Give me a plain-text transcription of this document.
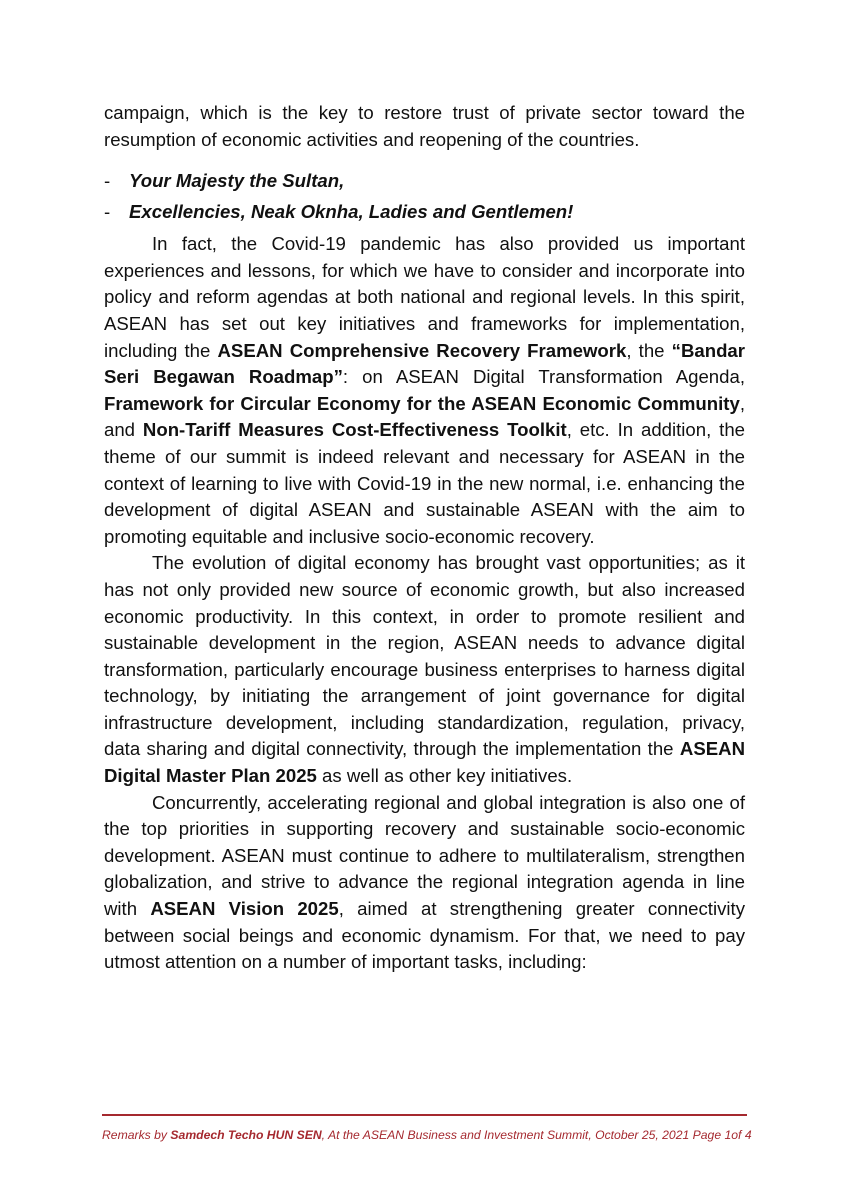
campaign, which is the key to restore trust of private sector toward the resumption of economic activities and reopening of the countries.

-	Your Majesty the Sultan,
-	Excellencies, Neak Oknha, Ladies and Gentlemen!

In fact, the Covid-19 pandemic has also provided us important experiences and lessons, for which we have to consider and incorporate into policy and reform agendas at both national and regional levels. In this spirit, ASEAN has set out key initiatives and frameworks for implementation, including the ASEAN Comprehensive Recovery Framework, the “Bandar Seri Begawan Roadmap”: on ASEAN Digital Transformation Agenda, Framework for Circular Economy for the ASEAN Economic Community, and Non-Tariff Measures Cost-Effectiveness Toolkit, etc. In addition, the theme of our summit is indeed relevant and necessary for ASEAN in the context of learning to live with Covid-19 in the new normal, i.e. enhancing the development of digital ASEAN and sustainable ASEAN with the aim to promoting equitable and inclusive socio-economic recovery.

The evolution of digital economy has brought vast opportunities; as it has not only provided new source of economic growth, but also increased economic productivity. In this context, in order to promote resilient and sustainable development in the region, ASEAN needs to advance digital transformation, particularly encourage business enterprises to harness digital technology, by initiating the arrangement of joint governance for digital infrastructure development, including standardization, regulation, privacy, data sharing and digital connectivity, through the implementation the ASEAN Digital Master Plan 2025 as well as other key initiatives.

Concurrently, accelerating regional and global integration is also one of the top priorities in supporting recovery and sustainable socio-economic development. ASEAN must continue to adhere to multilateralism, strengthen globalization, and strive to advance the regional integration agenda in line with ASEAN Vision 2025, aimed at strengthening greater connectivity between social beings and economic dynamism. For that, we need to pay utmost attention on a number of important tasks, including:

Remarks by Samdech Techo HUN SEN, At the ASEAN Business and Investment Summit, October 25, 2021 Page 1of 4
